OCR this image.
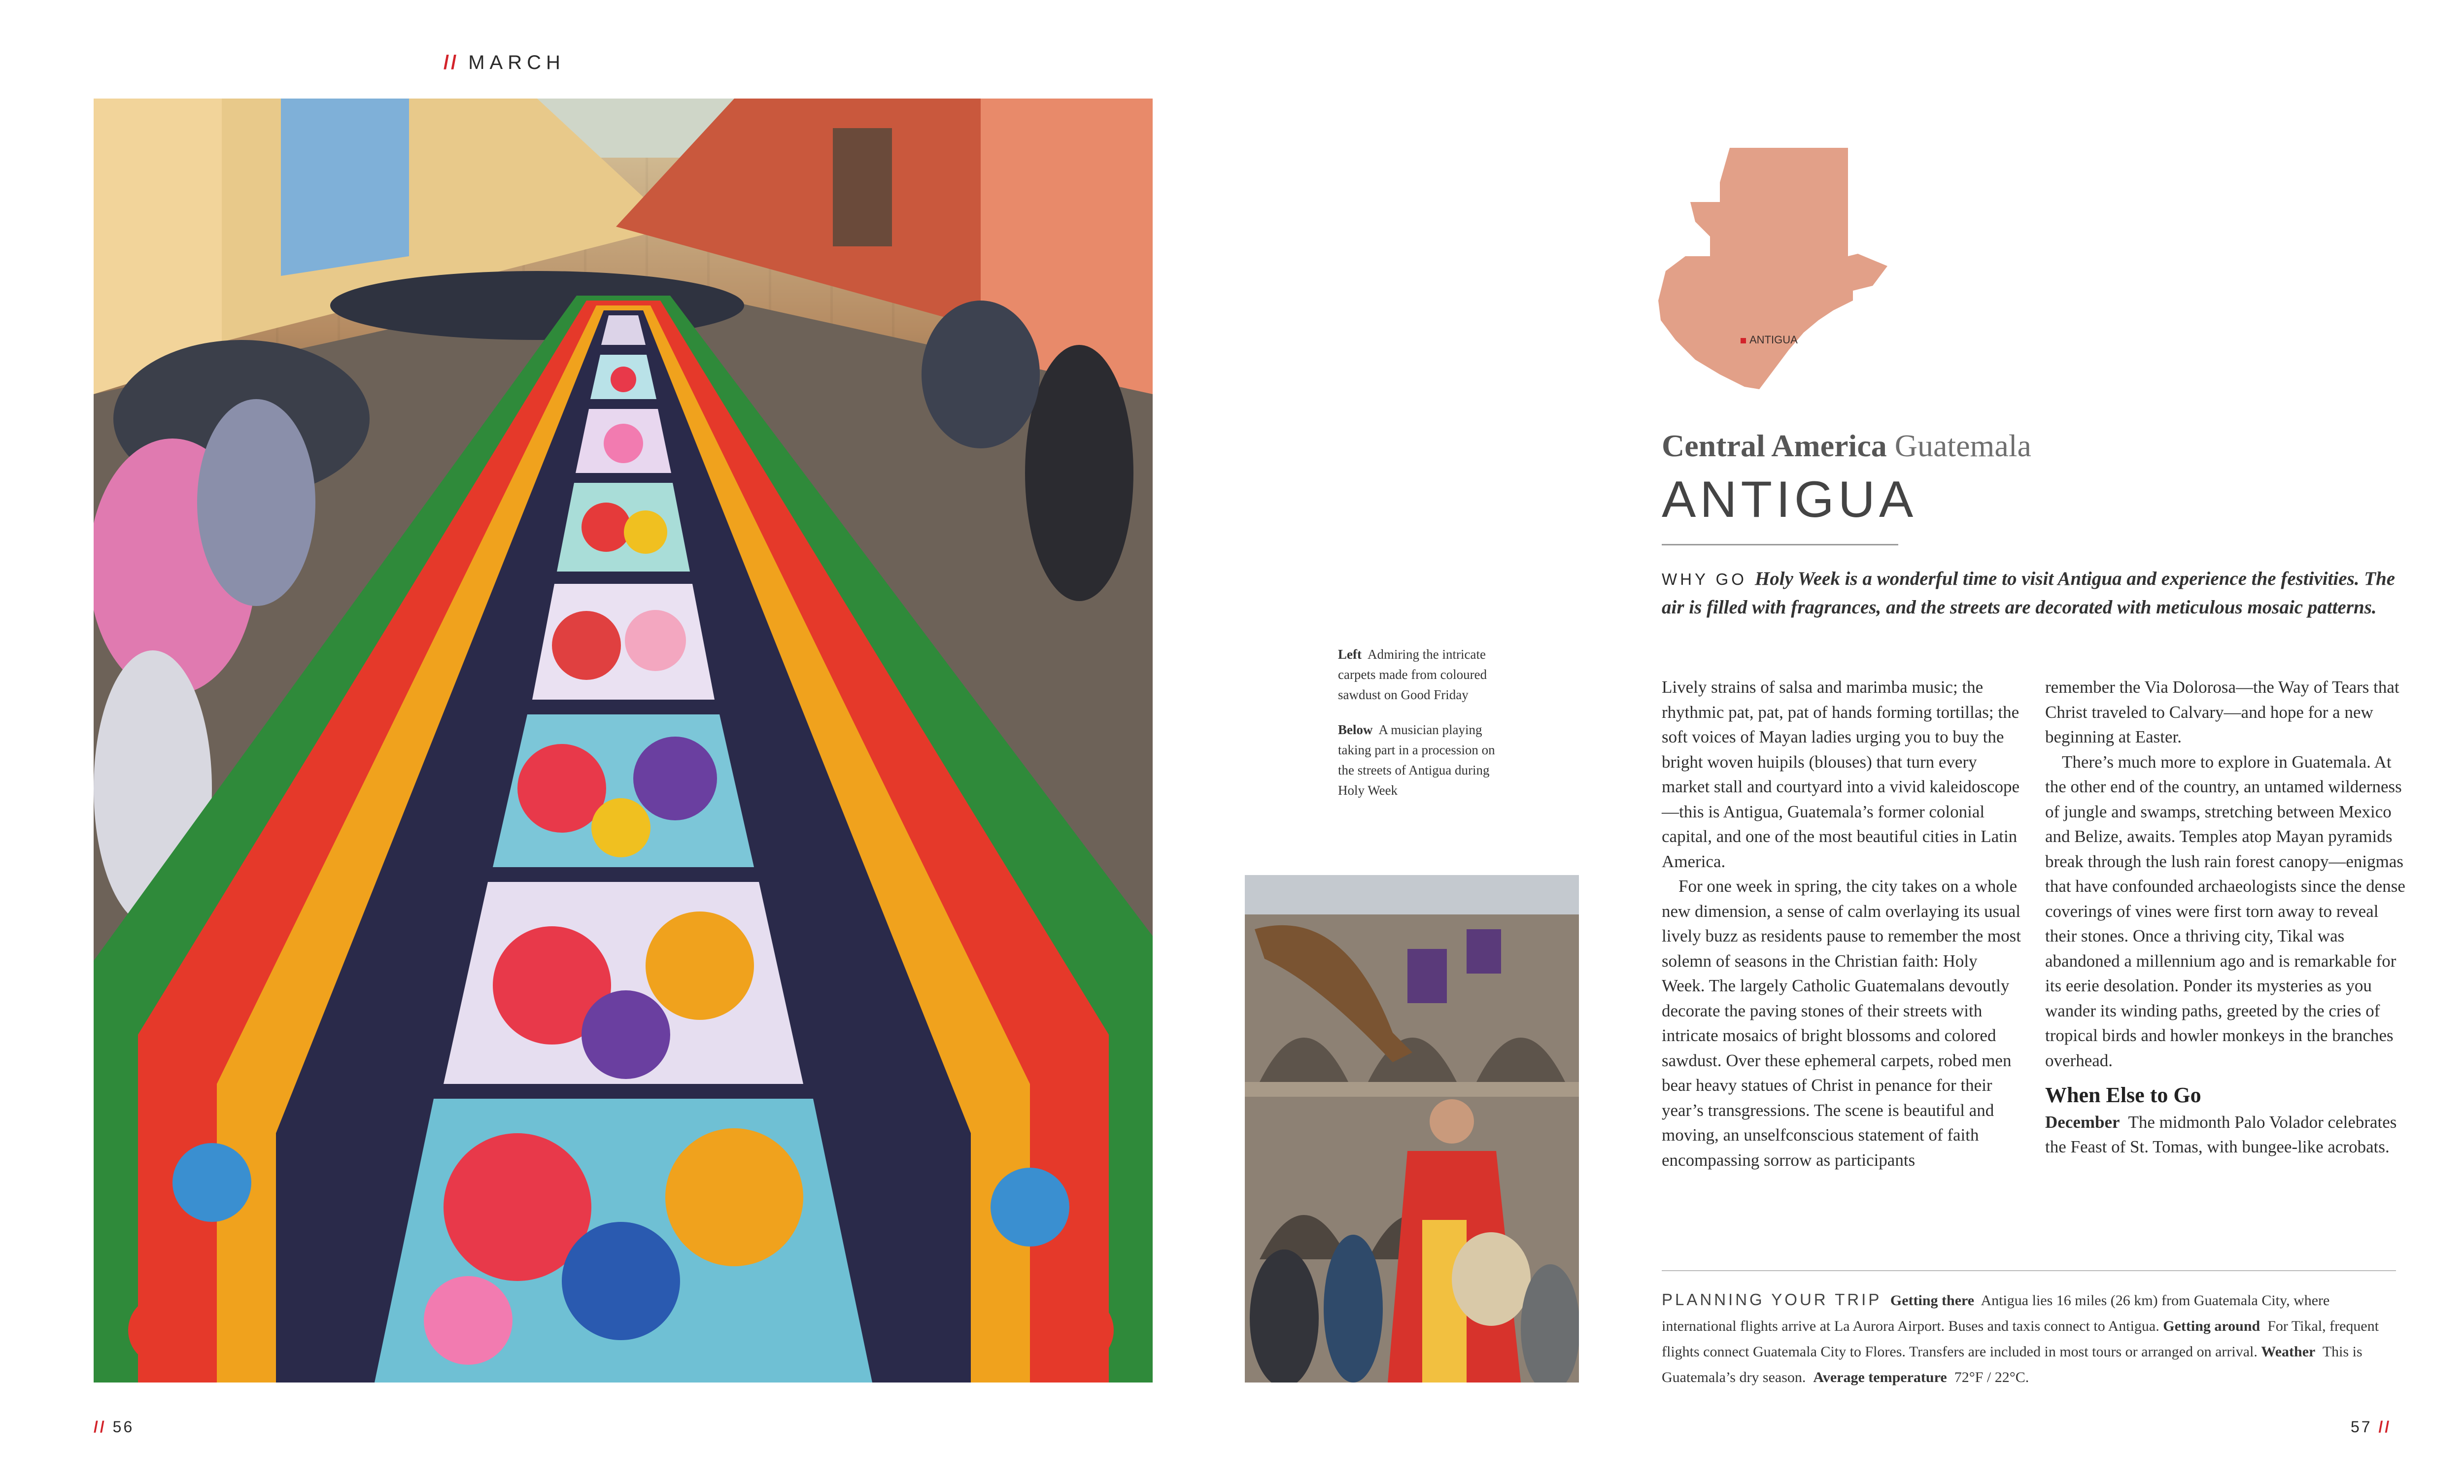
// MARCH

Left Admiring the intricate carpets made from coloured sawdust on Good Friday

Below A musician playing taking part in a procession on the streets of Antigua during Holy Week

ANTIGUA
Central America Guatemala
ANTIGUA
WHY GO Holy Week is a wonderful time to visit Antigua and experience the festivities. The air is filled with fragrances, and the streets are decorated with meticulous mosaic patterns.

Lively strains of salsa and marimba music; the rhythmic pat, pat, pat of hands forming tortillas; the soft voices of Mayan ladies urging you to buy the bright woven huipils (blouses) that turn every market stall and courtyard into a vivid kaleidoscope—this is Antigua, Guatemala’s former colonial capital, and one of the most beautiful cities in Latin America.

For one week in spring, the city takes on a whole new dimension, a sense of calm overlaying its usual lively buzz as residents pause to remember the most solemn of seasons in the Christian faith: Holy Week. The largely Catholic Guatemalans devoutly decorate the paving stones of their streets with intricate mosaics of bright blossoms and colored sawdust. Over these ephemeral carpets, robed men bear heavy statues of Christ in penance for their year’s transgressions. The scene is beautiful and moving, an unselfconscious statement of faith encompassing sorrow as participants

remember the Via Dolorosa—the Way of Tears that Christ traveled to Calvary—and hope for a new beginning at Easter.

There’s much more to explore in Guatemala. At the other end of the country, an untamed wilderness of jungle and swamps, stretching between Mexico and Belize, awaits. Temples atop Mayan pyramids break through the lush rain forest canopy—enigmas that have confounded archaeologists since the dense coverings of vines were first torn away to reveal their stones. Once a thriving city, Tikal was abandoned a millennium ago and is remarkable for its eerie desolation. Ponder its mysteries as you wander its winding paths, greeted by the cries of tropical birds and howler monkeys in the branches overhead.

When Else to Go

December The midmonth Palo Volador celebrates the Feast of St. Tomas, with bungee-like acrobats.

PLANNING YOUR TRIP Getting there Antigua lies 16 miles (26 km) from Guatemala City, where international flights arrive at La Aurora Airport. Buses and taxis connect to Antigua. Getting around For Tikal, frequent flights connect Guatemala City to Flores. Transfers are included in most tours or arranged on arrival. Weather This is Guatemala’s dry season. Average temperature 72°F / 22°C.
// 56	57 //
